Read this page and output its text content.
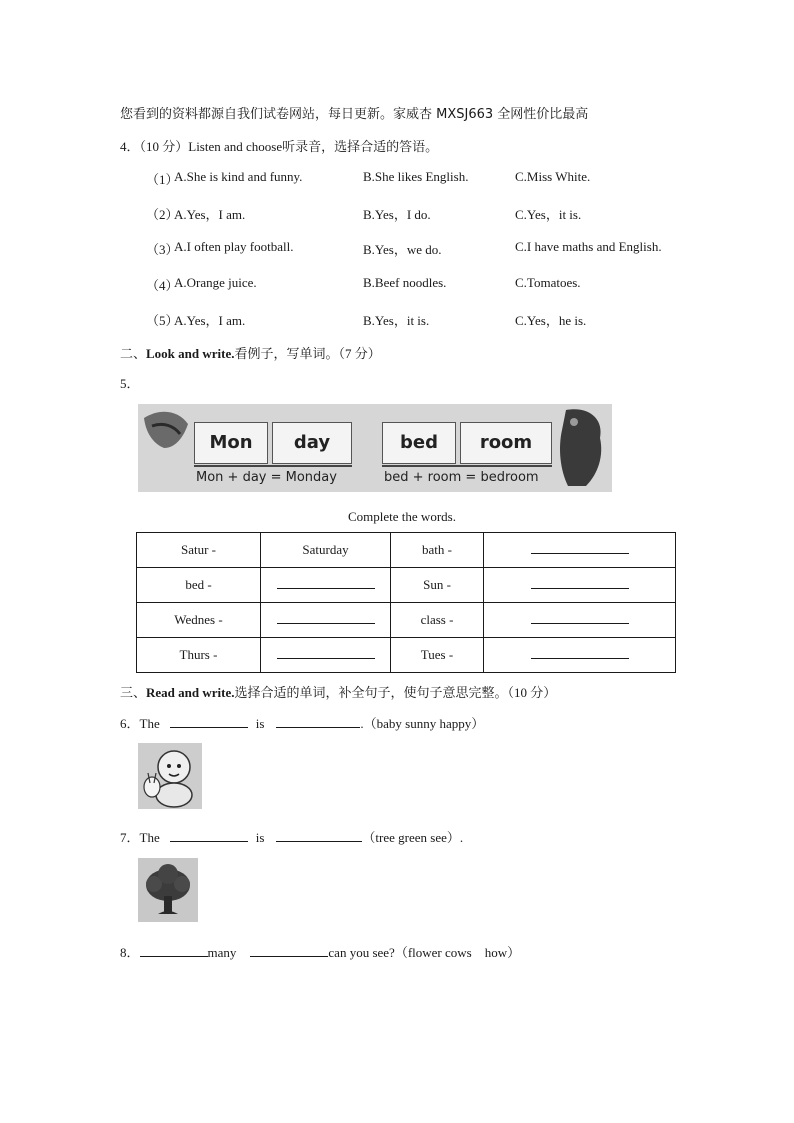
您看到的资料都源自我们试卷网站，每日更新。家威杏 MXSJ663 全网性价比最高
4．（10 分）Listen and choose听录音，选择合适的答语。
（1）
A.She is kind and funny.	B.She likes English.	C.Miss White.
（2）
A.Yes，I am.	B.Yes，I do.	C.Yes，it is.
（3）
A.I often play football.	B.Yes，we do.	C.I have maths and English.
（4）
A.Orange juice.	B.Beef noodles.	C.Tomatoes.
（5）
A.Yes，I am.	B.Yes，it is.	C.Yes，he is.
二、Look and write.看例子，写单词。（7 分）
5．
Mon	day
Mon + day = Monday
bed	room
bed + room = bedroom
Complete the words.
Satur -	Saturday	bath -	
bed -		Sun -	
Wednes -		class -	
Thurs -		Tues -	
三、Read and write.选择合适的单词，补全句子，使句子意思完整。（10 分）
6．The	is	.（baby sunny happy）
7．The	is	（tree green see）.
8．	many	can you see?（flower cows　how）
